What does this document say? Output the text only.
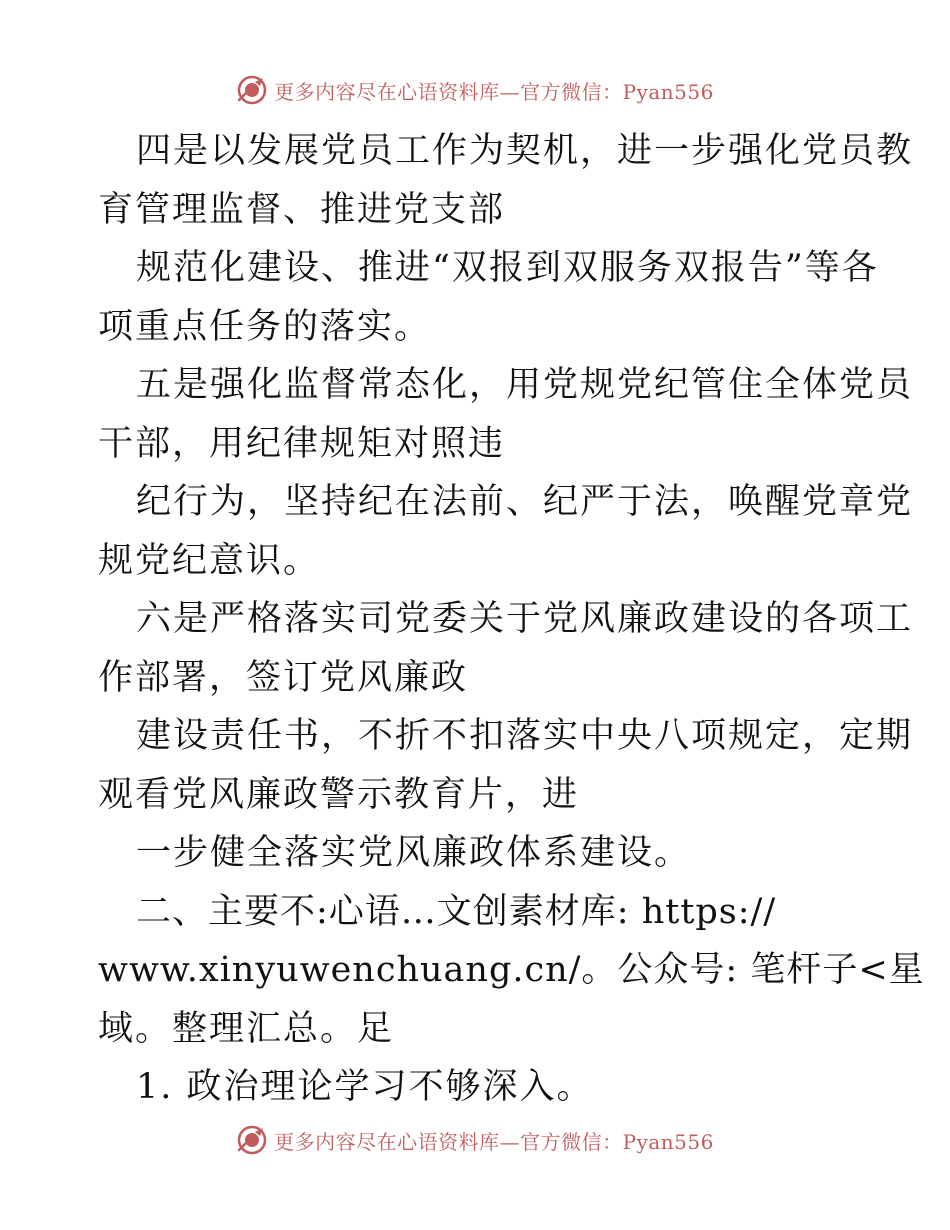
更多内容尽在心语资料库—官方微信：Pyan556
四是以发展党员工作为契机，进一步强化党员教
育管理监督、推进党支部
规范化建设、推进“双报到双服务双报告”等各
项重点任务的落实。
五是强化监督常态化，用党规党纪管住全体党员
干部，用纪律规矩对照违
纪行为，坚持纪在法前、纪严于法，唤醒党章党
规党纪意识。
六是严格落实司党委关于党风廉政建设的各项工
作部署，签订党风廉政
建设责任书，不折不扣落实中央八项规定，定期
观看党风廉政警示教育片，进
一步健全落实党风廉政体系建设。
二、主要不:心语…文创素材库: https://
www.xinyuwenchuang.cn/。公众号: 笔杆子<星
域。整理汇总。足
1. 政治理论学习不够深入。
更多内容尽在心语资料库—官方微信：Pyan556
